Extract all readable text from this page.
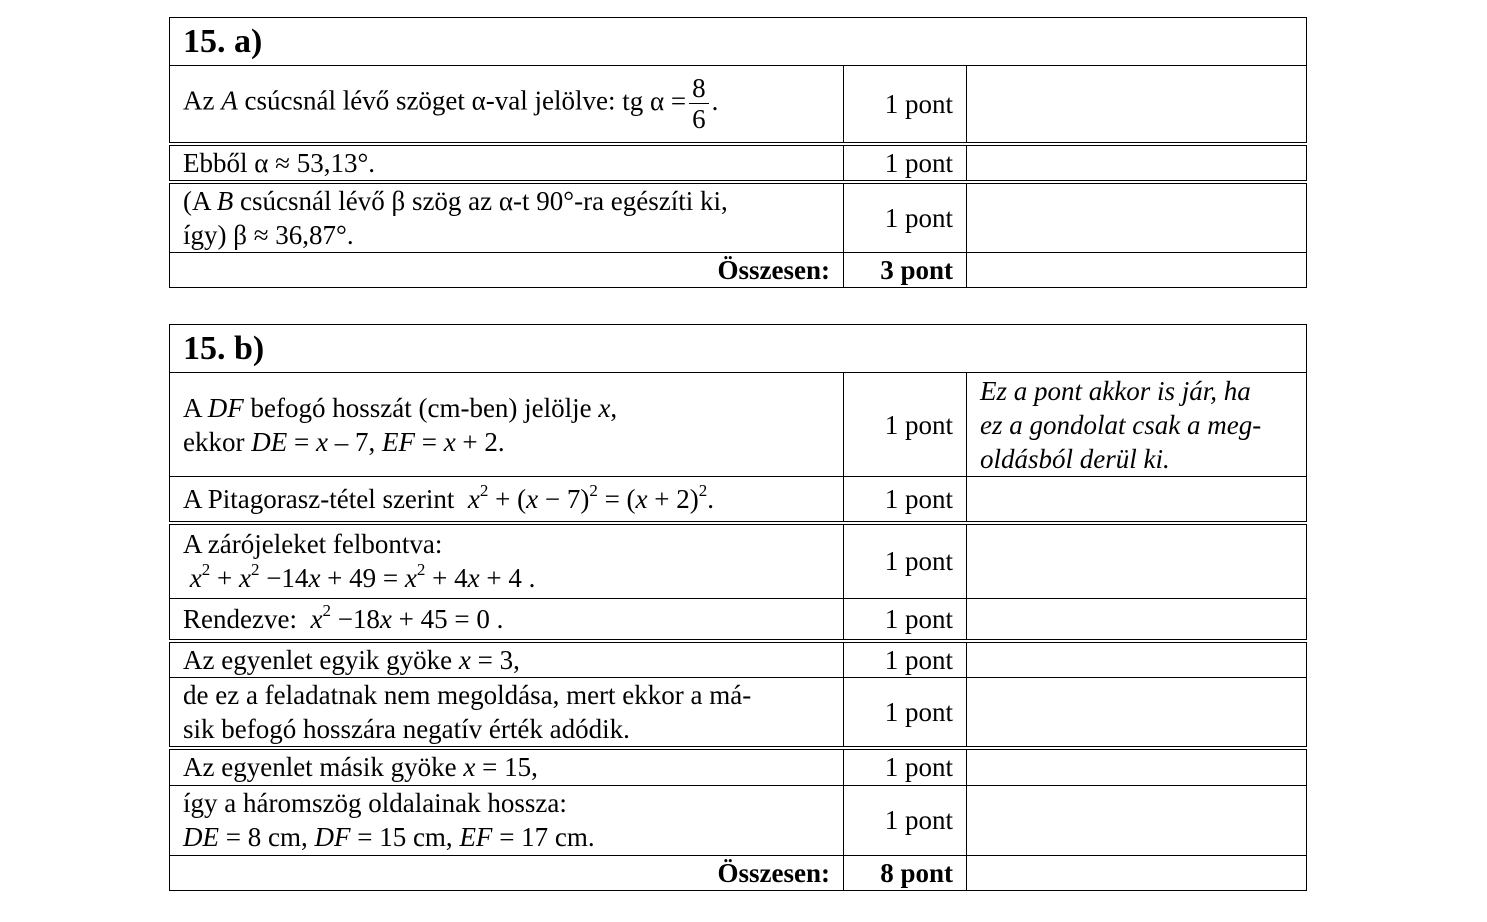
15. a)		
Az A csúcsnál lévő szöget α-val jelölve: tg $\alpha = \frac{8}{6}$ .	1 pont	
Ebből α ≈ 53,13°.	1 pont	

(A B csúcsnál lévő β szög az α-t 90°-ra egészíti ki,
így) β ≈ 36,87°.	1 pont	
Összesen:	3 pont	
15. b)		

A DF befogó hosszát (cm-ben) jelölje x,
ekkor DE = x – 7, EF = x + 2.	1 pont	Ez a pont akkor is jár, ha
ez a gondolat csak a meg-
oldásból derül ki.

A Pitagorasz-tétel szerint $x^2 + (x - 7)^2 = (x + 2)^2$.	1 pont	

A zárójeleket felbontva:
$x^2 + x^2 -14x + 49 = x^2 + 4x + 4$ .	1 pont	
Rendezve: $x^2 -18x + 45 = 0$ .	1 pont	
Az egyenlet egyik gyöke x = 3,	1 pont	

de ez a feladatnak nem megoldása, mert ekkor a má-
sik befogó hosszára negatív érték adódik.	1 pont	
Az egyenlet másik gyöke x = 15,	1 pont	

így a háromszög oldalainak hossza:
DE = 8 cm, DF = 15 cm, EF = 17 cm.	1 pont	
Összesen:	8 pont	
